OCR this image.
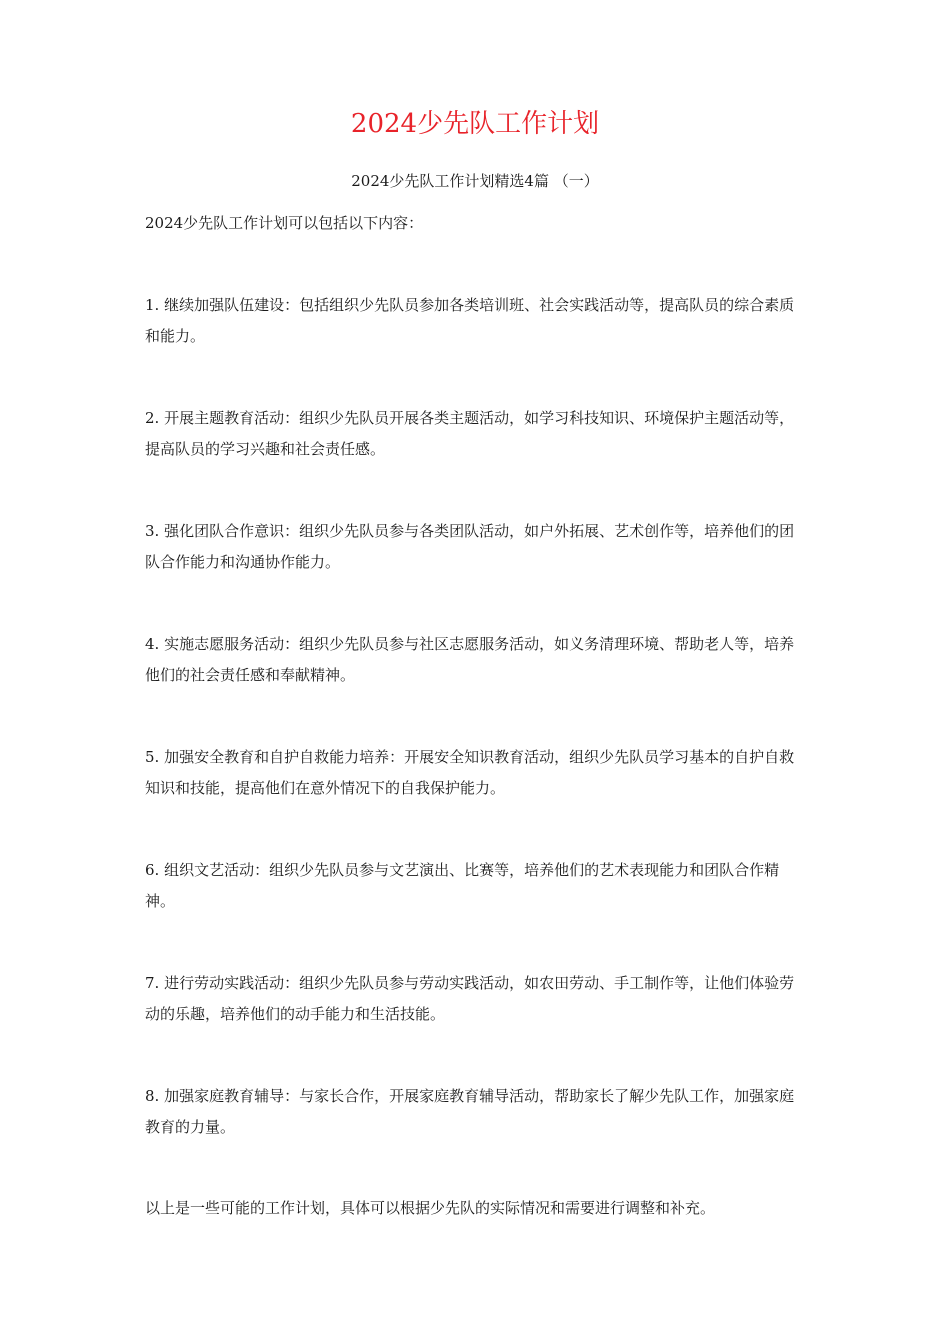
2024少先队工作计划

2024少先队工作计划精选4篇 （一）

2024少先队工作计划可以包括以下内容：

1. 继续加强队伍建设：包括组织少先队员参加各类培训班、社会实践活动等，提高队员的综合素质和能力。

2. 开展主题教育活动：组织少先队员开展各类主题活动，如学习科技知识、环境保护主题活动等，提高队员的学习兴趣和社会责任感。

3. 强化团队合作意识：组织少先队员参与各类团队活动，如户外拓展、艺术创作等，培养他们的团队合作能力和沟通协作能力。

4. 实施志愿服务活动：组织少先队员参与社区志愿服务活动，如义务清理环境、帮助老人等，培养他们的社会责任感和奉献精神。

5. 加强安全教育和自护自救能力培养：开展安全知识教育活动，组织少先队员学习基本的自护自救知识和技能，提高他们在意外情况下的自我保护能力。

6. 组织文艺活动：组织少先队员参与文艺演出、比赛等，培养他们的艺术表现能力和团队合作精神。

7. 进行劳动实践活动：组织少先队员参与劳动实践活动，如农田劳动、手工制作等，让他们体验劳动的乐趣，培养他们的动手能力和生活技能。

8. 加强家庭教育辅导：与家长合作，开展家庭教育辅导活动，帮助家长了解少先队工作，加强家庭教育的力量。

以上是一些可能的工作计划，具体可以根据少先队的实际情况和需要进行调整和补充。
